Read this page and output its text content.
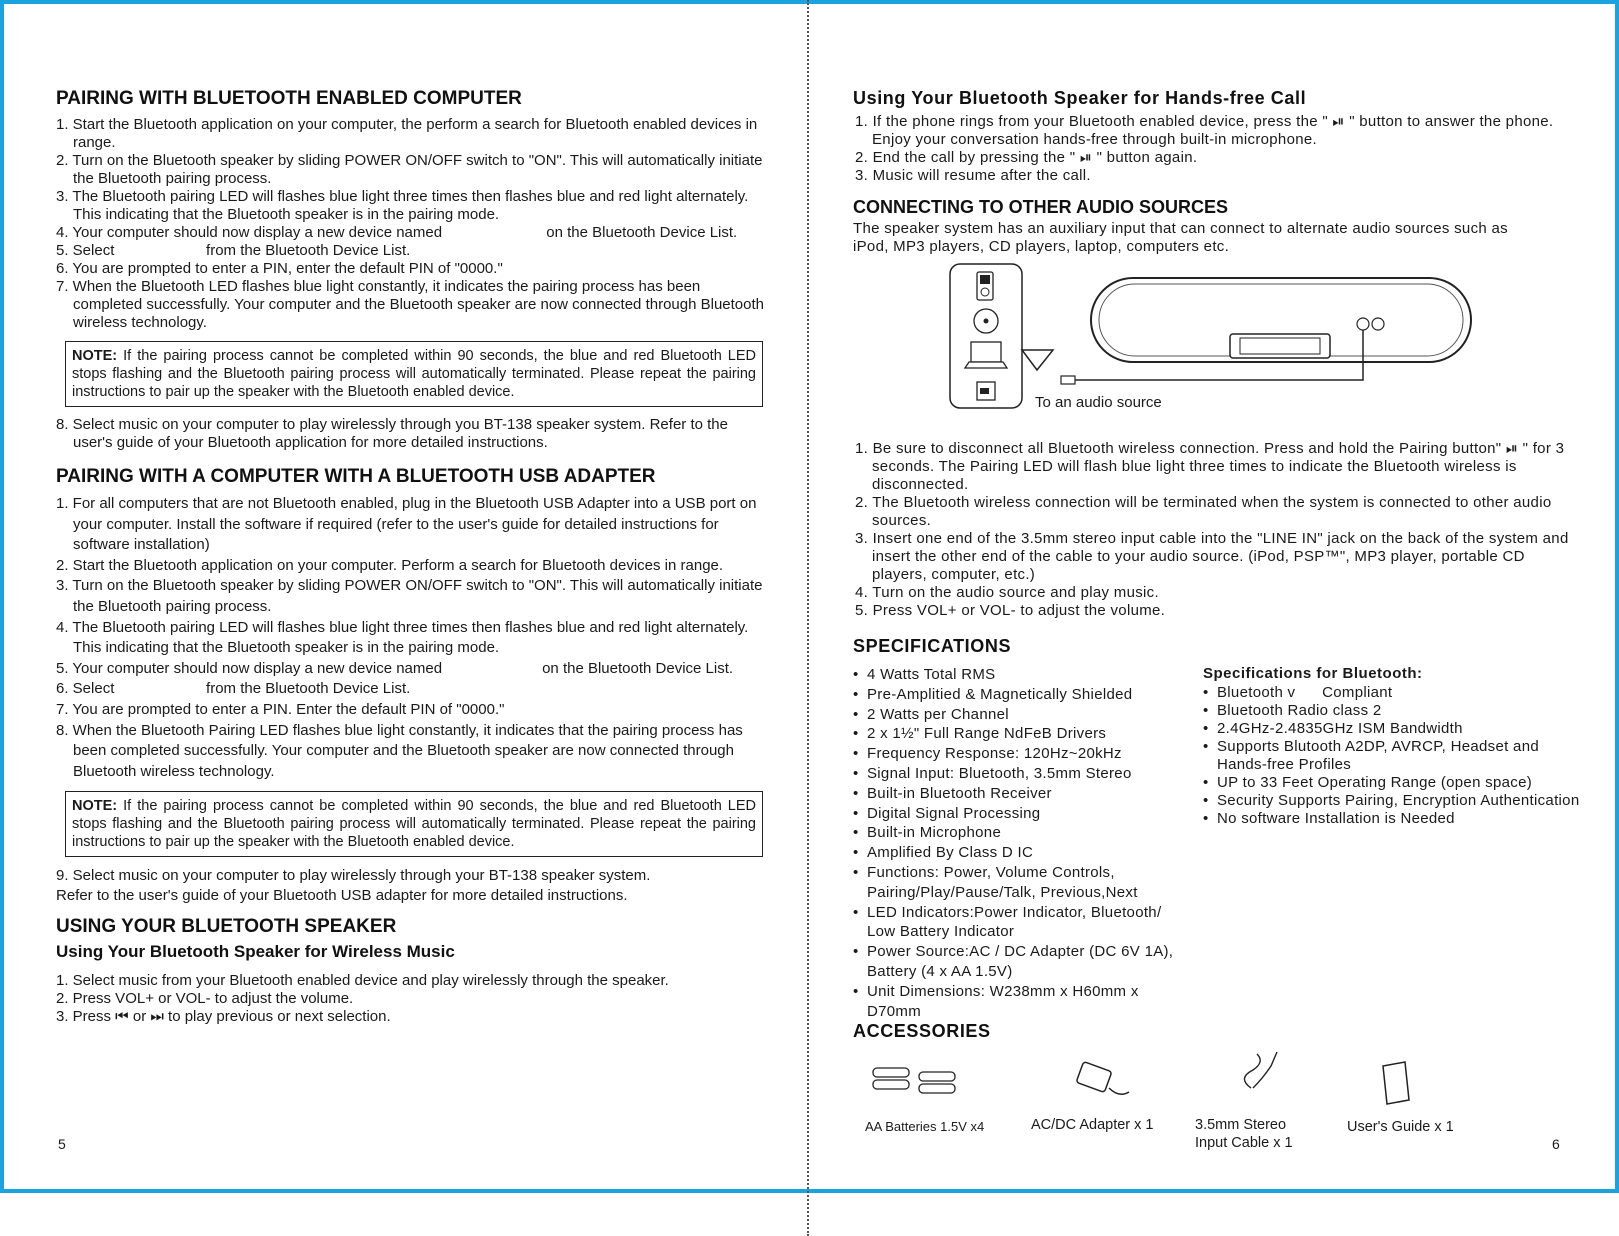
PAIRING WITH BLUETOOTH ENABLED COMPUTER
1. Start the Bluetooth application on your computer, the perform a search for Bluetooth enabled devices in range.
2. Turn on the Bluetooth speaker by sliding POWER ON/OFF switch to "ON". This will automatically initiate the Bluetooth pairing process.
3. The Bluetooth pairing LED will flashes blue light three times then flashes blue and red light alternately. This indicating that the Bluetooth speaker is in the pairing mode.
4. Your computer should now display a new device named                         on the Bluetooth Device List.
5. Select                      from the Bluetooth Device List.
6. You are prompted to enter a PIN, enter the default PIN of "0000."
7. When the Bluetooth LED flashes blue light constantly, it indicates the pairing process has been completed successfully. Your computer and the Bluetooth speaker are now connected through Bluetooth wireless technology.
NOTE: If the pairing process cannot be completed within 90 seconds, the blue and red Bluetooth LED stops flashing and the Bluetooth pairing process will automatically terminated. Please repeat the pairing instructions to pair up the speaker with the Bluetooth enabled device.
8. Select music on your computer to play wirelessly through you BT-138 speaker system. Refer to the user's guide of your Bluetooth application for more detailed instructions.
PAIRING WITH A COMPUTER WITH A BLUETOOTH USB ADAPTER
1. For all computers that are not Bluetooth enabled, plug in the Bluetooth USB Adapter into a USB port on your computer. Install the software if required (refer to the user's guide for detailed instructions for software installation)
2. Start the Bluetooth application on your computer. Perform a search for Bluetooth devices in range.
3. Turn on the Bluetooth speaker by sliding POWER ON/OFF switch to "ON". This will automatically initiate the Bluetooth pairing process.
4. The Bluetooth pairing LED will flashes blue light three times then flashes blue and red light alternately. This indicating that the Bluetooth speaker is in the pairing mode.
5. Your computer should now display a new device named                        on the Bluetooth Device List.
6. Select                      from the Bluetooth Device List.
7. You are prompted to enter a PIN. Enter the default PIN of "0000."
8. When the Bluetooth Pairing LED flashes blue light constantly, it indicates that the pairing process has been completed successfully. Your computer and the Bluetooth speaker are now connected through Bluetooth wireless technology.
NOTE: If the pairing process cannot be completed within 90 seconds, the blue and red Bluetooth LED stops flashing and the Bluetooth pairing process will automatically terminated. Please repeat the pairing instructions to pair up the speaker with the Bluetooth enabled device.

9. Select music on your computer to play wirelessly through your BT-138 speaker system.

Refer to the user's guide of your Bluetooth USB adapter for more detailed instructions.

USING YOUR BLUETOOTH SPEAKER
Using Your Bluetooth Speaker for Wireless Music
1. Select music from your Bluetooth enabled device and play wirelessly through the speaker.
2. Press VOL+ or VOL- to adjust the volume.
3. Press ⏮ or ⏭ to play previous or next selection.
5
Using Your Bluetooth Speaker for Hands-free Call
1. If the phone rings from your Bluetooth enabled device, press the " ⏯ " button to answer the phone. Enjoy your conversation hands-free through built-in microphone.
2. End the call by pressing the " ⏯ " button again.
3. Music will resume after the call.
CONNECTING TO OTHER AUDIO SOURCES

The speaker system has an auxiliary input that can connect to alternate audio sources such as iPod, MP3 players, CD players, laptop, computers etc.

To an audio source
1. Be sure to disconnect all Bluetooth wireless connection. Press and hold the Pairing button" ⏯ " for 3 seconds. The Pairing LED will flash blue light three times to indicate the Bluetooth wireless is disconnected.
2. The Bluetooth wireless connection will be terminated when the system is connected to other audio sources.
3. Insert one end of the 3.5mm stereo input cable into the "LINE IN" jack on the back of the system and insert the other end of the cable to your audio source. (iPod, PSP™", MP3 player, portable CD players, computer, etc.)
4. Turn on the audio source and play music.
5. Press VOL+ or VOL- to adjust the volume.
SPECIFICATIONS
• 4 Watts Total RMS
• Pre-Amplitied & Magnetically Shielded
• 2 Watts per Channel
• 2 x 1½" Full Range NdFeB Drivers
• Frequency Response: 120Hz~20kHz
• Signal Input: Bluetooth, 3.5mm Stereo
• Built-in Bluetooth Receiver
• Digital Signal Processing
• Built-in Microphone
• Amplified By Class D IC
• Functions: Power, Volume Controls, Pairing/Play/Pause/Talk, Previous,Next
• LED Indicators:Power Indicator, Bluetooth/ Low Battery Indicator
• Power Source:AC / DC Adapter (DC 6V 1A), Battery (4 x AA 1.5V)
• Unit Dimensions: W238mm x H60mm x D70mm
Specifications for Bluetooth:
• Bluetooth v      Compliant
• Bluetooth Radio class 2
• 2.4GHz-2.4835GHz ISM Bandwidth
• Supports Blutooth A2DP, AVRCP, Headset and Hands-free Profiles
• UP to 33 Feet Operating Range (open space)
• Security Supports Pairing, Encryption Authentication
• No software Installation is Needed
ACCESSORIES
AA Batteries 1.5V x4	AC/DC Adapter x 1	3.5mm Stereo Input Cable x 1
User's Guide x 1
6
